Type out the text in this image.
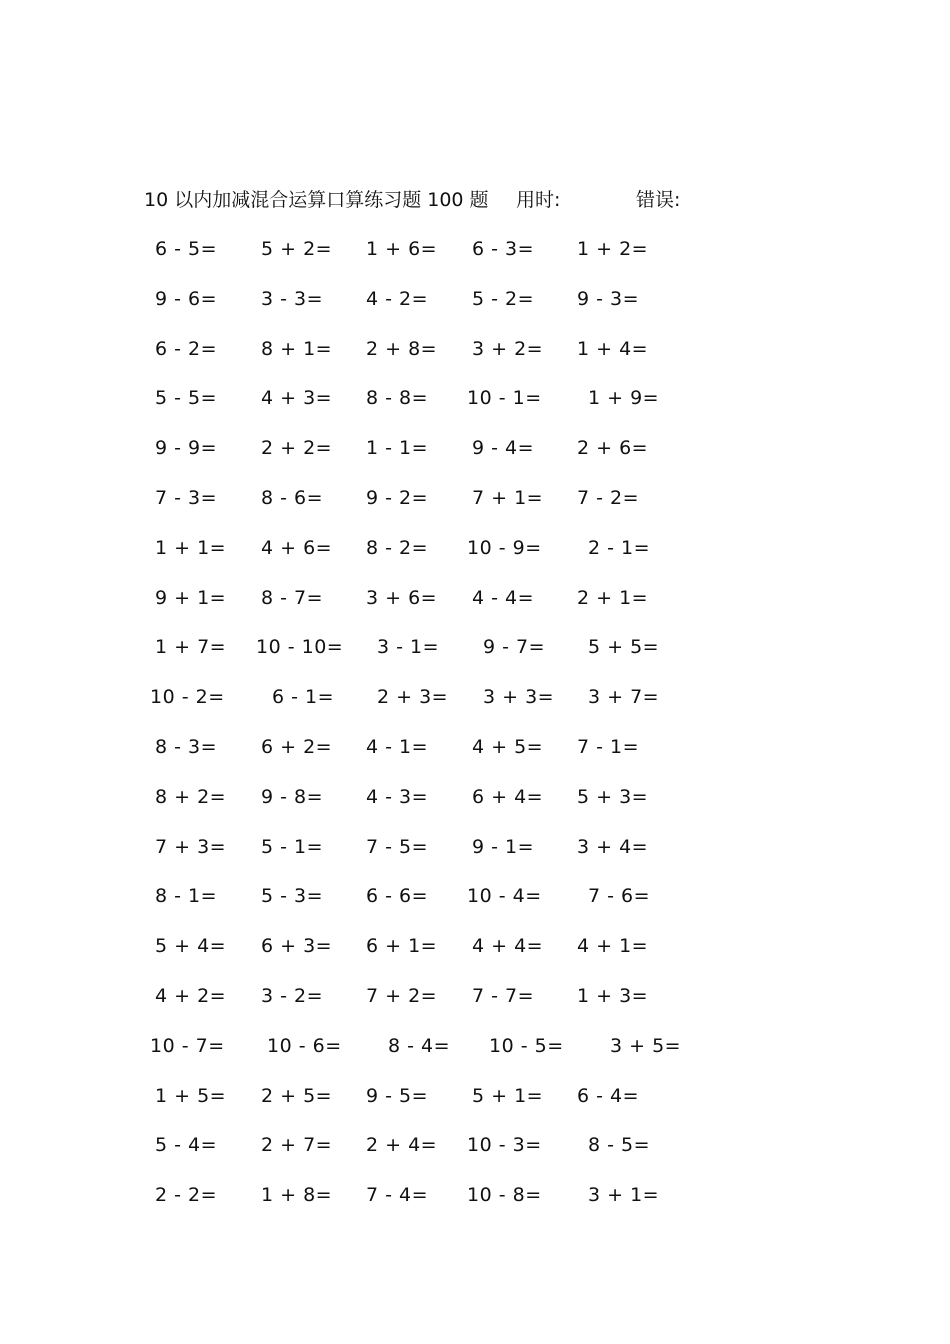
10 以内加减混合运算口算练习题 100 题 用时:	错误:
6 - 5= 5 + 2= 1 + 6= 6 - 3= 1 + 2=
9 - 6= 3 - 3= 4 - 2= 5 - 2= 9 - 3=
6 - 2= 8 + 1= 2 + 8= 3 + 2= 1 + 4=
5 - 5= 4 + 3= 8 - 8= 10 - 1= 1 + 9=
9 - 9= 2 + 2= 1 - 1= 9 - 4= 2 + 6=
7 - 3= 8 - 6= 9 - 2= 7 + 1= 7 - 2=
1 + 1= 4 + 6= 8 - 2= 10 - 9= 2 - 1=
9 + 1= 8 - 7= 3 + 6= 4 - 4= 2 + 1=
1 + 7= 10 - 10= 3 - 1= 9 - 7= 5 + 5=
10 - 2= 6 - 1= 2 + 3= 3 + 3= 3 + 7=
8 - 3= 6 + 2= 4 - 1= 4 + 5= 7 - 1=
8 + 2= 9 - 8= 4 - 3= 6 + 4= 5 + 3=
7 + 3= 5 - 1= 7 - 5= 9 - 1= 3 + 4=
8 - 1= 5 - 3= 6 - 6= 10 - 4= 7 - 6=
5 + 4= 6 + 3= 6 + 1= 4 + 4= 4 + 1=
4 + 2= 3 - 2= 7 + 2= 7 - 7= 1 + 3=
10 - 7= 10 - 6= 8 - 4= 10 - 5= 3 + 5=
1 + 5= 2 + 5= 9 - 5= 5 + 1= 6 - 4=
5 - 4= 2 + 7= 2 + 4= 10 - 3= 8 - 5=
2 - 2= 1 + 8= 7 - 4= 10 - 8= 3 + 1=
